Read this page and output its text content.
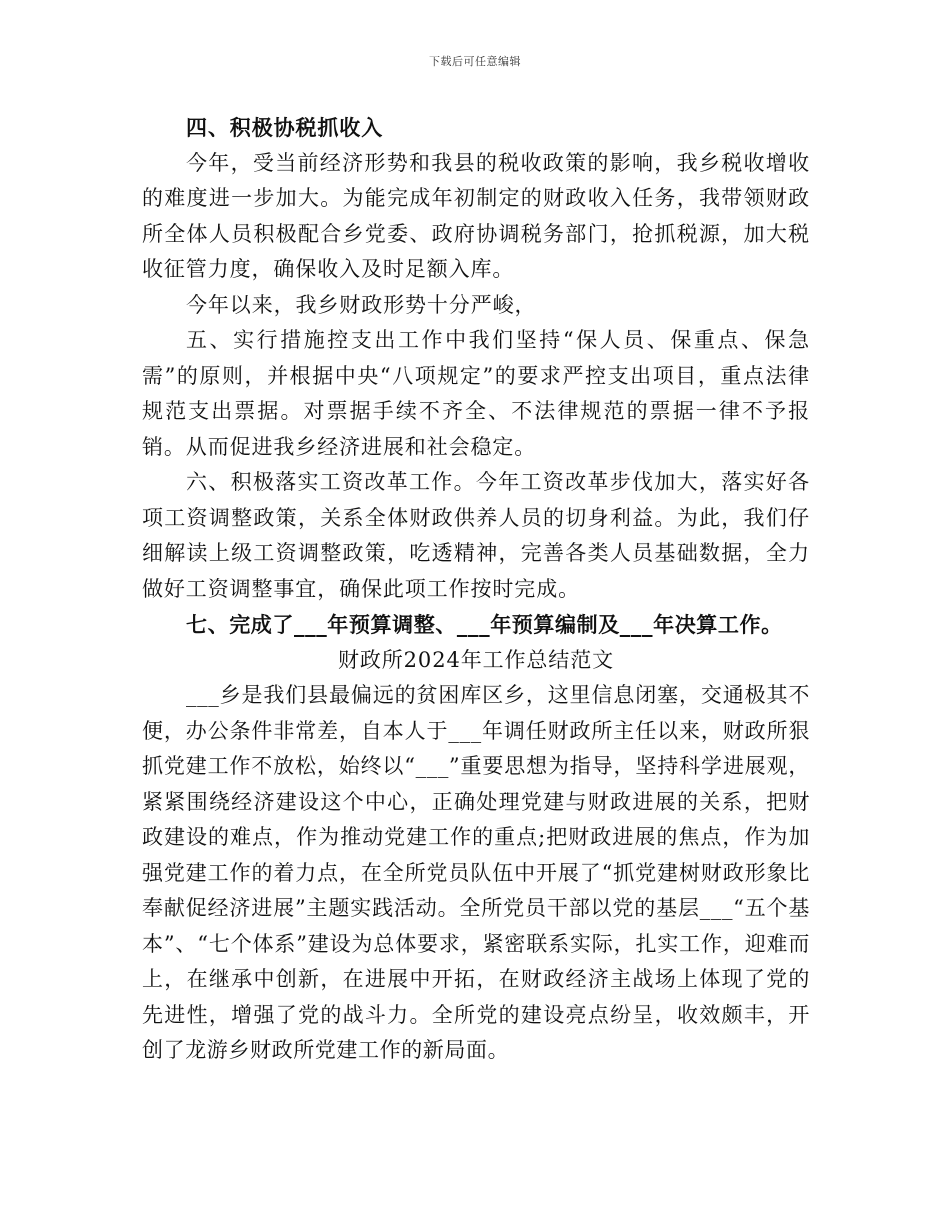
下载后可任意编辑

四、积极协税抓收入

今年，受当前经济形势和我县的税收政策的影响，我乡税收增收的难度进一步加大。为能完成年初制定的财政收入任务，我带领财政所全体人员积极配合乡党委、政府协调税务部门，抢抓税源，加大税收征管力度，确保收入及时足额入库。

今年以来，我乡财政形势十分严峻，

五、实行措施控支出工作中我们坚持“保人员、保重点、保急需”的原则，并根据中央“八项规定”的要求严控支出项目，重点法律规范支出票据。对票据手续不齐全、不法律规范的票据一律不予报销。从而促进我乡经济进展和社会稳定。

六、积极落实工资改革工作。今年工资改革步伐加大，落实好各项工资调整政策，关系全体财政供养人员的切身利益。为此，我们仔细解读上级工资调整政策，吃透精神，完善各类人员基础数据，全力做好工资调整事宜，确保此项工作按时完成。

七、完成了___年预算调整、___年预算编制及___年决算工作。

财政所2024年工作总结范文

___乡是我们县最偏远的贫困库区乡，这里信息闭塞，交通极其不便，办公条件非常差，自本人于___年调任财政所主任以来，财政所狠抓党建工作不放松，始终以“___”重要思想为指导，坚持科学进展观，紧紧围绕经济建设这个中心，正确处理党建与财政进展的关系，把财政建设的难点，作为推动党建工作的重点;把财政进展的焦点，作为加强党建工作的着力点，在全所党员队伍中开展了“抓党建树财政形象比奉献促经济进展”主题实践活动。全所党员干部以党的基层___“五个基本”、“七个体系”建设为总体要求，紧密联系实际，扎实工作，迎难而上，在继承中创新，在进展中开拓，在财政经济主战场上体现了党的先进性，增强了党的战斗力。全所党的建设亮点纷呈，收效颇丰，开创了龙游乡财政所党建工作的新局面。
